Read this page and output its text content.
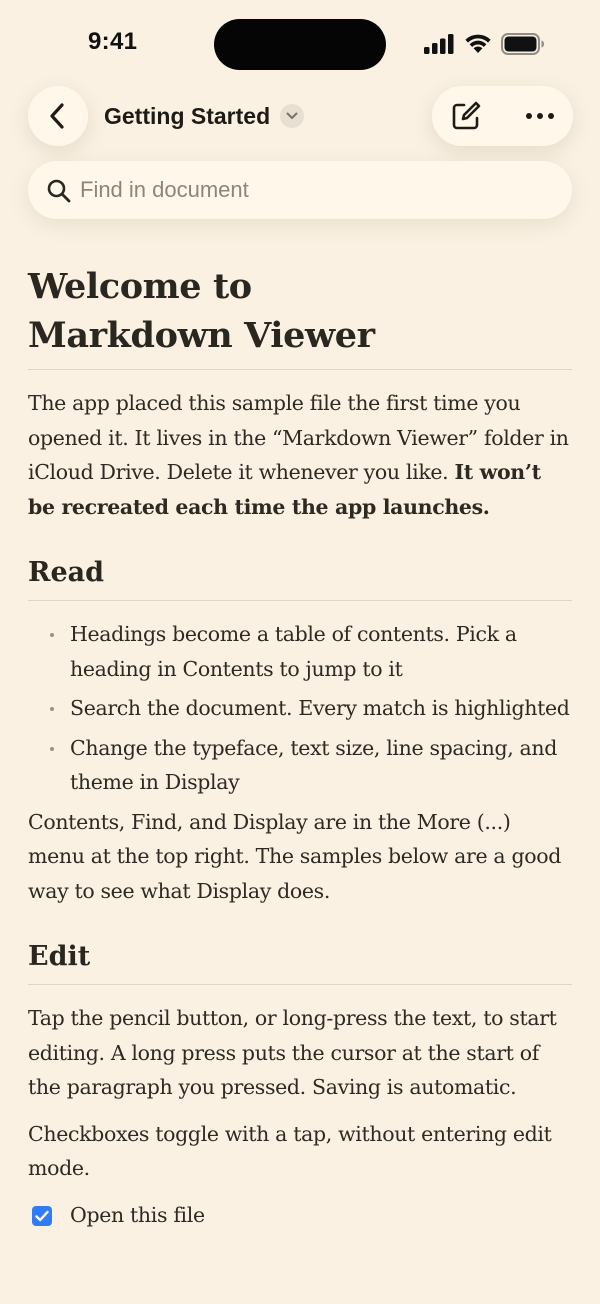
9:41
Getting Started
Find in document
Welcome to
Markdown Viewer

The app placed this sample file the first time you opened it. It lives in the “Markdown Viewer” folder in iCloud Drive. Delete it whenever you like. It won’t be recreated each time the app launches.

Read
Headings become a table of contents. Pick a heading in Contents to jump to it
Search the document. Every match is highlighted
Change the typeface, text size, line spacing, and theme in Display

Contents, Find, and Display are in the More (...) menu at the top right. The samples below are a good way to see what Display does.

Edit

Tap the pencil button, or long-press the text, to start editing. A long press puts the cursor at the start of the paragraph you pressed. Saving is automatic.

Checkboxes toggle with a tap, without entering edit mode.

Open this file
